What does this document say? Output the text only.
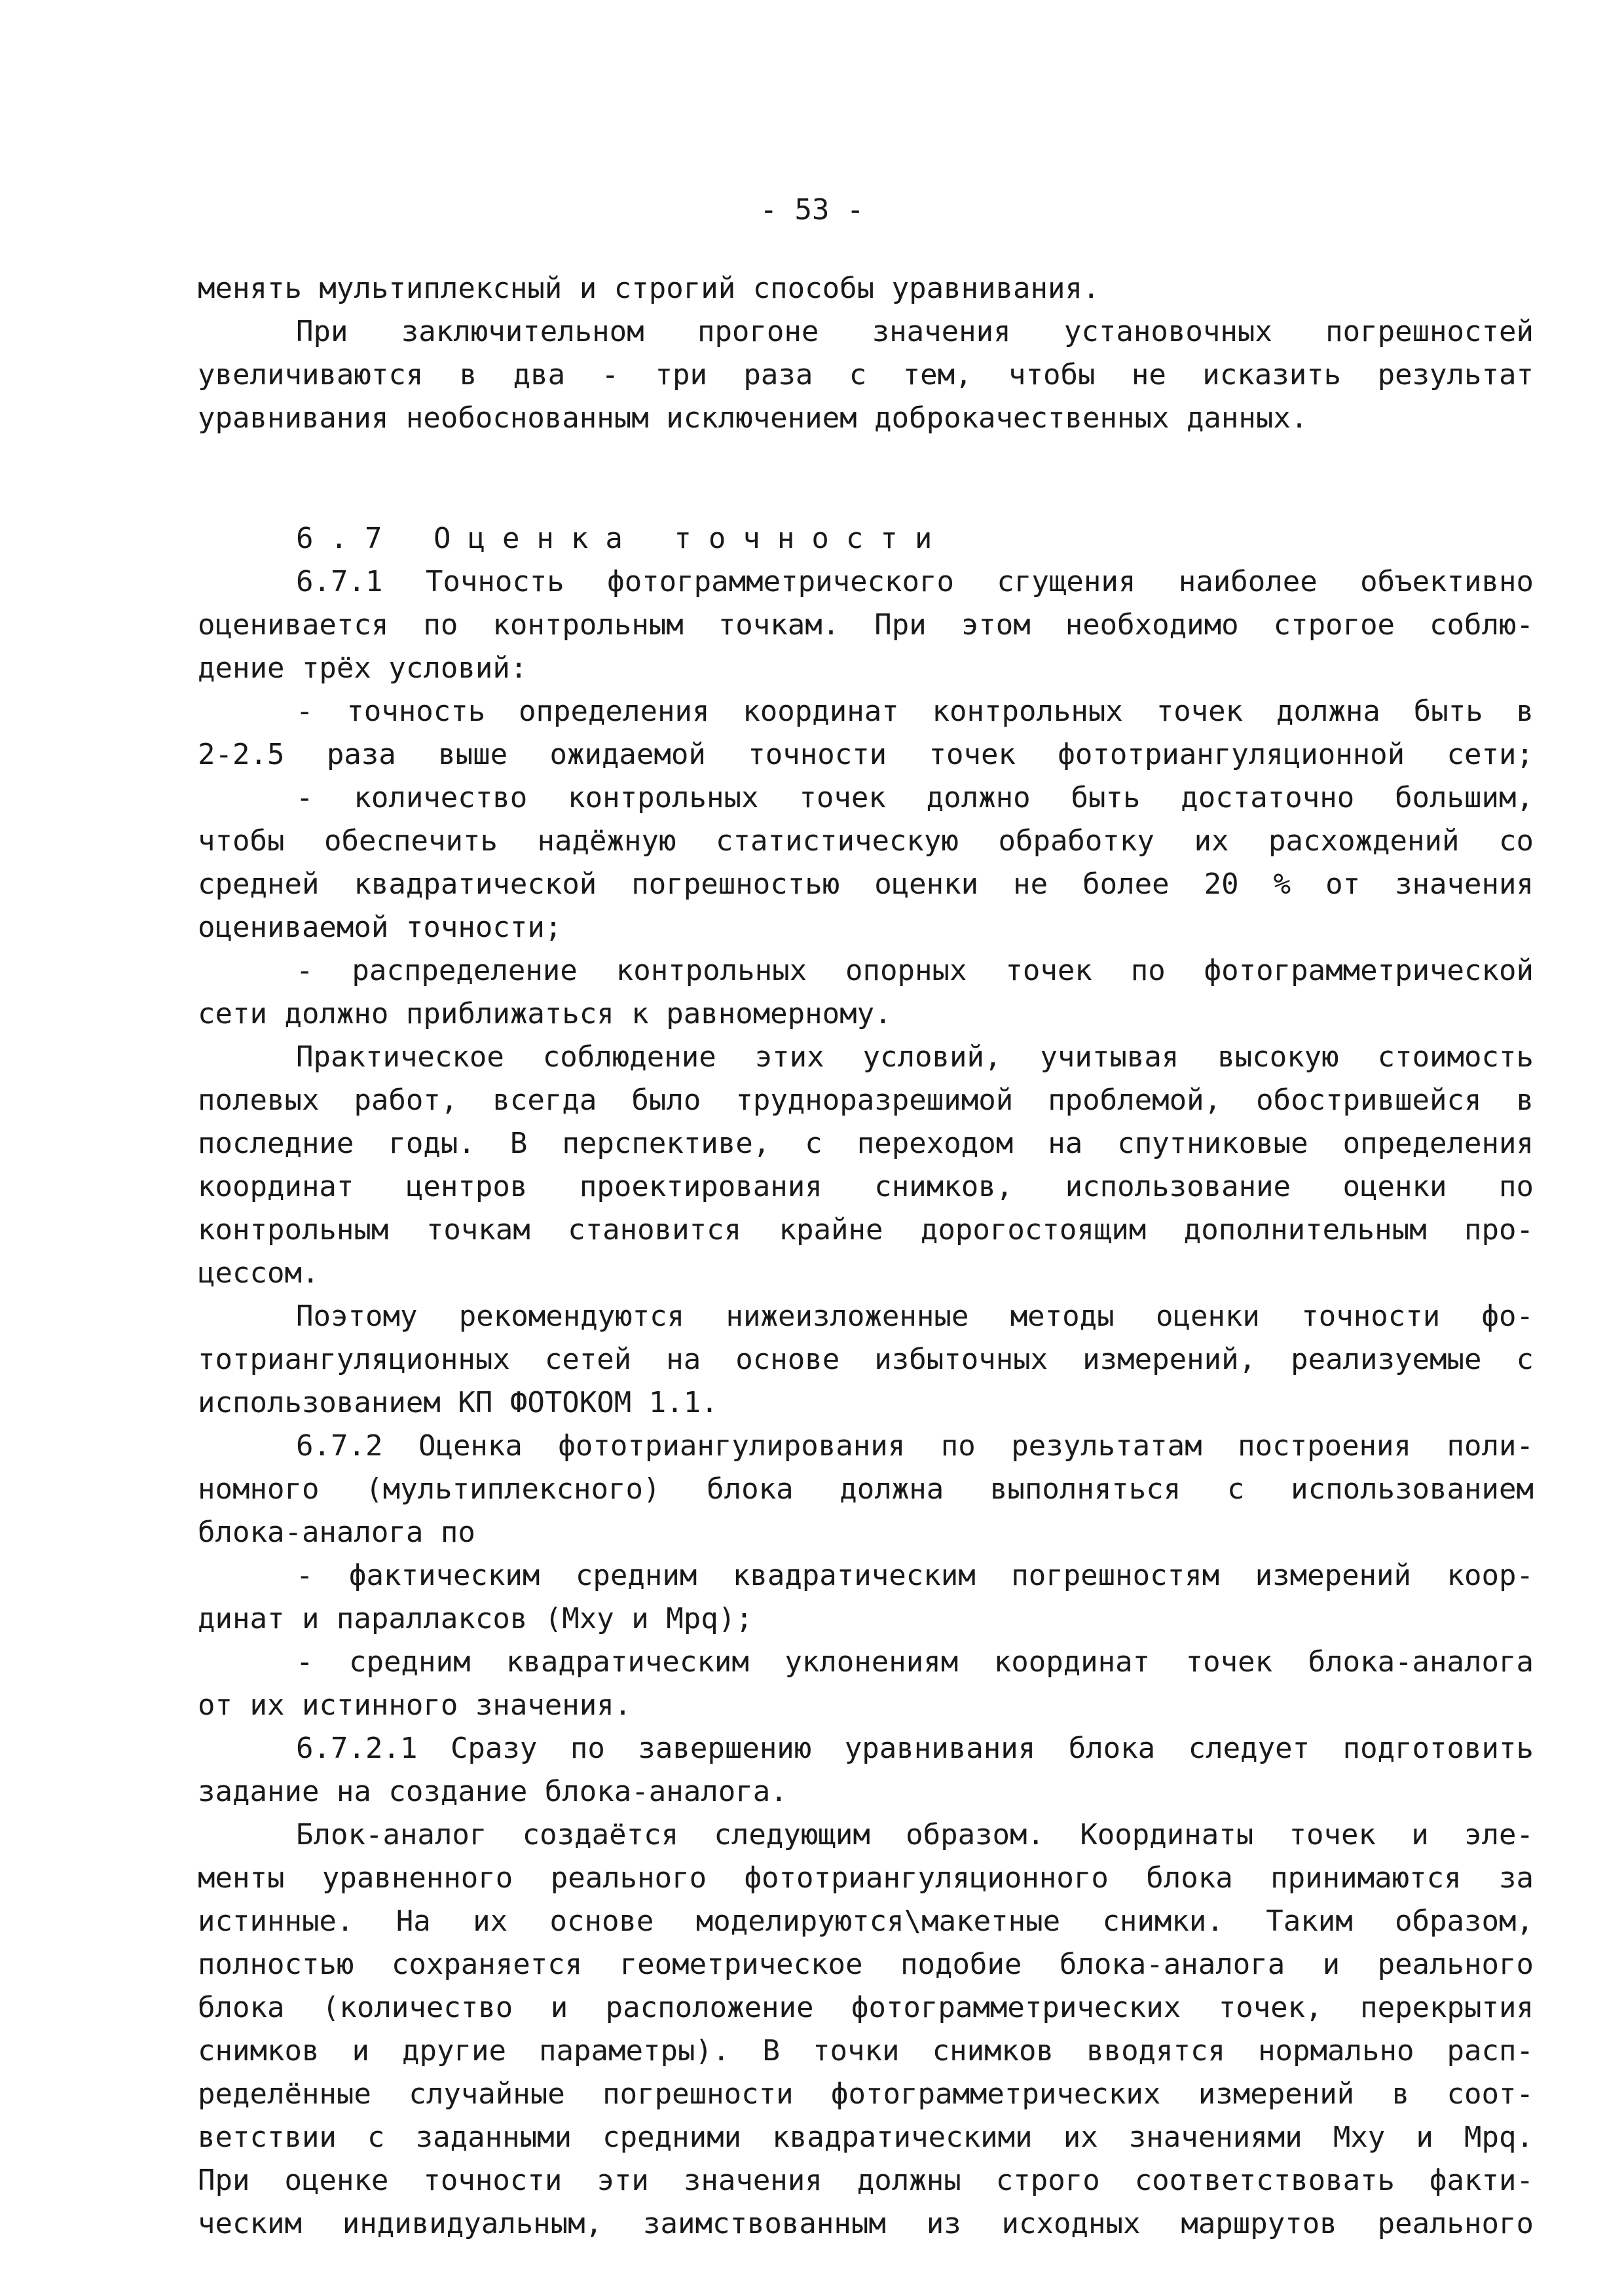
- 53 -
менять мультиплексный и строгий способы уравнивания.
При заключительном прогоне значения установочных погрешностей
увеличиваются в два - три раза с тем, чтобы не исказить результат
уравнивания необоснованным исключением доброкачественных данных.
6.7 Оценка точности
6.7.1 Точность фотограмметрического сгущения наиболее объективно
оценивается по контрольным точкам. При этом необходимо строгое соблю-
дение трёх условий:
- точность определения координат контрольных точек должна быть в
2-2.5 раза выше ожидаемой точности точек фототриангуляционной сети;
- количество контрольных точек должно быть достаточно большим,
чтобы обеспечить надёжную статистическую обработку их расхождений со
средней квадратической погрешностью оценки не более 20 % от значения
оцениваемой точности;
- распределение контрольных опорных точек по фотограмметрической
сети должно приближаться к равномерному.
Практическое соблюдение этих условий, учитывая высокую стоимость
полевых работ, всегда было трудноразрешимой проблемой, обострившейся в
последние годы. В перспективе, с переходом на спутниковые определения
координат центров проектирования снимков, использование оценки по
контрольным точкам становится крайне дорогостоящим дополнительным про-
цессом.
Поэтому рекомендуются нижеизложенные методы оценки точности фо-
тотриангуляционных сетей на основе избыточных измерений, реализуемые с
использованием КП ФОТОКОМ 1.1.
6.7.2 Оценка фототриангулирования по результатам построения поли-
номного (мультиплексного) блока должна выполняться с использованием
блока-аналога по
- фактическим средним квадратическим погрешностям измерений коор-
динат и параллаксов (Mxy и Mpq);
- средним квадратическим уклонениям координат точек блока-аналога
от их истинного значения.
6.7.2.1 Сразу по завершению уравнивания блока следует подготовить
задание на создание блока-аналога.
Блок-аналог создаётся следующим образом. Координаты точек и эле-
менты уравненного реального фототриангуляционного блока принимаются за
истинные. На их основе моделируются\макетные снимки. Таким образом,
полностью сохраняется геометрическое подобие блока-аналога и реального
блока (количество и расположение фотограмметрических точек, перекрытия
снимков и другие параметры). В точки снимков вводятся нормально расп-
ределённые случайные погрешности фотограмметрических измерений в соот-
ветствии с заданными средними квадратическими их значениями Mxy и Mpq.
При оценке точности эти значения должны строго соответствовать факти-
ческим индивидуальным, заимствованным из исходных маршрутов реального
